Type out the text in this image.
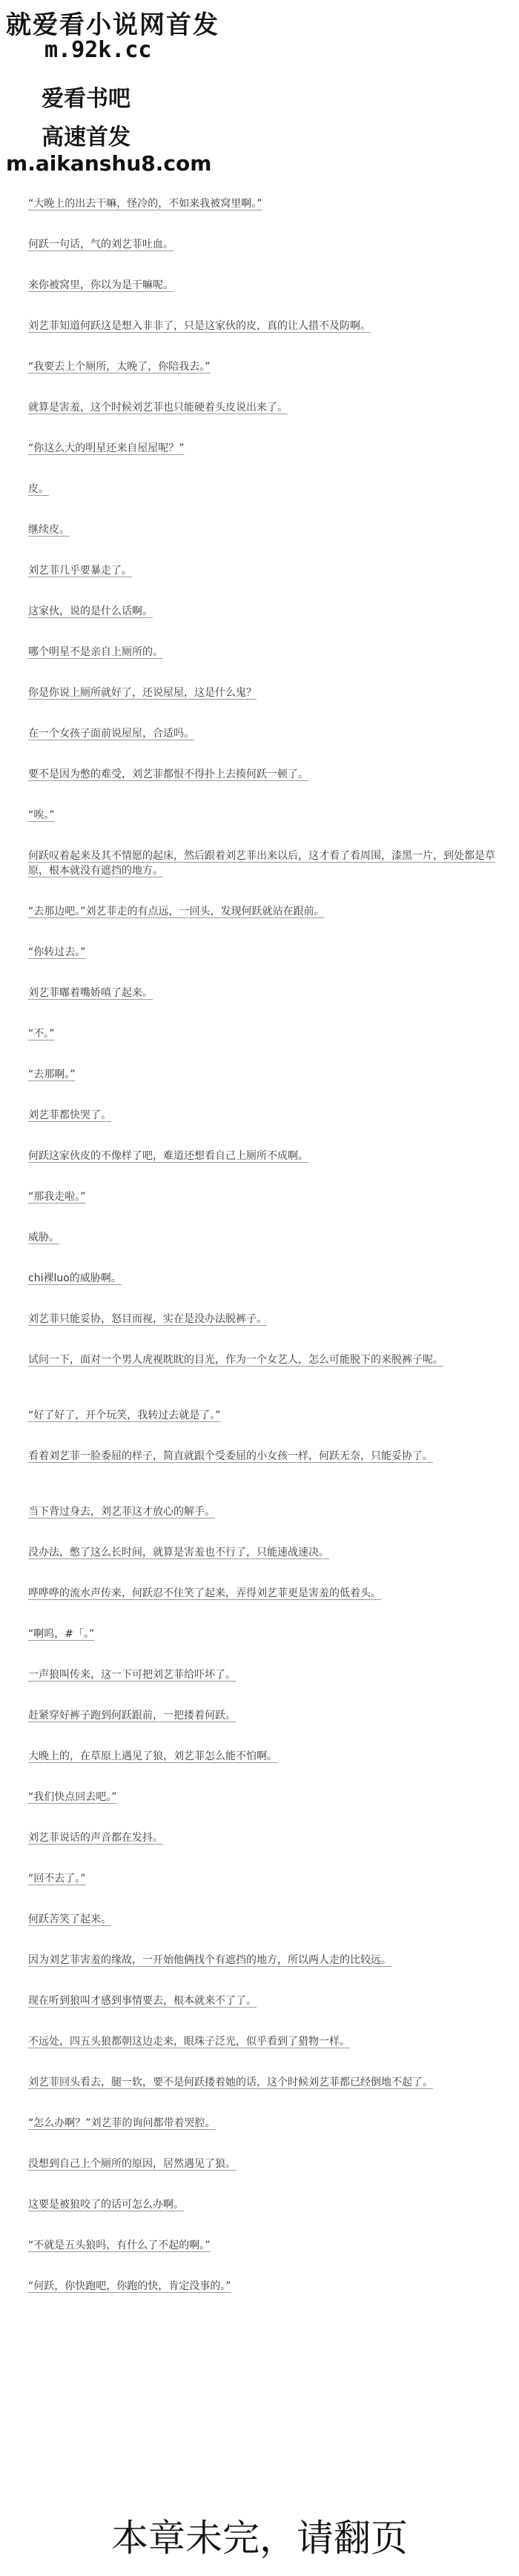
就爱看小说网首发
m.92k.cc
爱看书吧
高速首发
m.aikanshu8.com
“大晚上的出去干嘛，怪冷的，不如来我被窝里啊。”
何跃一句话，气的刘艺菲吐血。
来你被窝里，你以为是干嘛呢。
刘艺菲知道何跃这是想入非非了，只是这家伙的皮，真的让人措不及防啊。
“我要去上个厕所，太晚了，你陪我去。”
就算是害羞，这个时候刘艺菲也只能硬着头皮说出来了。
“你这么大的明星还来自屋屋呢？”
皮。
继续皮。
刘艺菲几乎要暴走了。
这家伙，说的是什么话啊。
哪个明星不是亲自上厕所的。
你是你说上厕所就好了，还说屋屋，这是什么鬼？
在一个女孩子面前说屋屋，合适吗。
要不是因为憋的难受，刘艺菲都恨不得扑上去揍何跃一顿了。
“唉。”
何跃叹着起来及其不情愿的起床，然后跟着刘艺菲出来以后，这才看了看周围，漆黑一片，到处都是草原，根本就没有遮挡的地方。
“去那边吧。”刘艺菲走的有点远，一回头，发现何跃就站在跟前。
“你转过去。”
刘艺菲嘟着嘴娇嗔了起来。
“不。”
“去那啊。”
刘艺菲都快哭了。
何跃这家伙皮的不像样了吧，难道还想看自己上厕所不成啊。
“那我走啦。”
威胁。
chi裸luo的威胁啊。
刘艺菲只能妥协，怒目而视，实在是没办法脱裤子。
试问一下，面对一个男人虎视眈眈的目光，作为一个女艺人，怎么可能脱下的来脱裤子呢。
“好了好了，开个玩笑，我转过去就是了。”
看着刘艺菲一脸委屈的样子，简直就跟个受委屈的小女孩一样，何跃无奈，只能妥协了。
当下背过身去，刘艺菲这才放心的解手。
没办法，憋了这么长时间，就算是害羞也不行了，只能速战速决。
哗哗哗的流水声传来，何跃忍不住笑了起来，弄得刘艺菲更是害羞的低着头。
“啊呜，#「。”
一声狼叫传来，这一下可把刘艺菲给吓坏了。
赶紧穿好裤子跑到何跃跟前，一把搂着何跃。
大晚上的，在草原上遇见了狼，刘艺菲怎么能不怕啊。
“我们快点回去吧。”
刘艺菲说话的声音都在发抖。
“回不去了。”
何跃苦笑了起来。
因为刘艺菲害羞的缘故，一开始他俩找个有遮挡的地方，所以两人走的比较远。
现在听到狼叫才感到事情要去，根本就来不了了。
不远处，四五头狼都朝这边走来，眼珠子泛光，似乎看到了猎物一样。
刘艺菲回头看去，腿一软，要不是何跃搂着她的话，这个时候刘艺菲都已经倒地不起了。
“怎么办啊？”刘艺菲的询问都带着哭腔。
没想到自己上个厕所的原因，居然遇见了狼。
这要是被狼咬了的话可怎么办啊。
“不就是五头狼吗，有什么了不起的啊。”
“何跃，你快跑吧，你跑的快，肯定没事的。”
本章未完，请翻页
